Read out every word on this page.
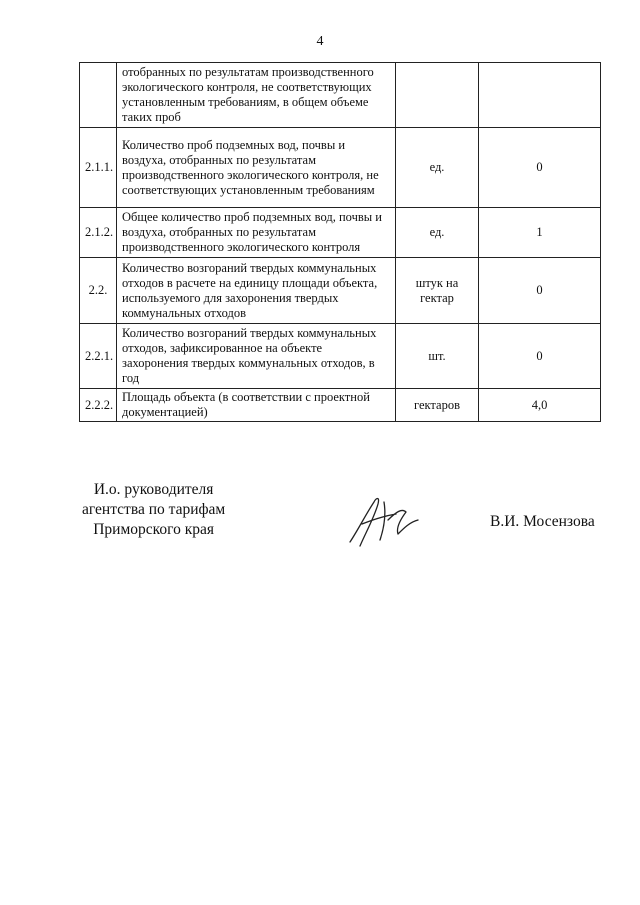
4
	отобранных по результатам производственного экологического контроля, не соответствующих установленным требованиям, в общем объеме таких проб		
2.1.1.	Количество проб подземных вод, почвы и воздуха, отобранных по результатам производственного экологического контроля, не соответствующих установленным требованиям	ед.	0
2.1.2.	Общее количество проб подземных вод, почвы и воздуха, отобранных по результатам производственного экологического контроля	ед.	1
2.2.	Количество возгораний твердых коммунальных отходов в расчете на единицу площади объекта, используемого для захоронения твердых коммунальных отходов	штук на гектар	0
2.2.1.	Количество возгораний твердых коммунальных отходов, зафиксированное на объекте захоронения твердых коммунальных отходов, в год	шт.	0
2.2.2.	Площадь объекта (в соответствии с проектной документацией)	гектаров	4,0
И.о. руководителя
агентства по тарифам
Приморского края	В.И. Мосензова
